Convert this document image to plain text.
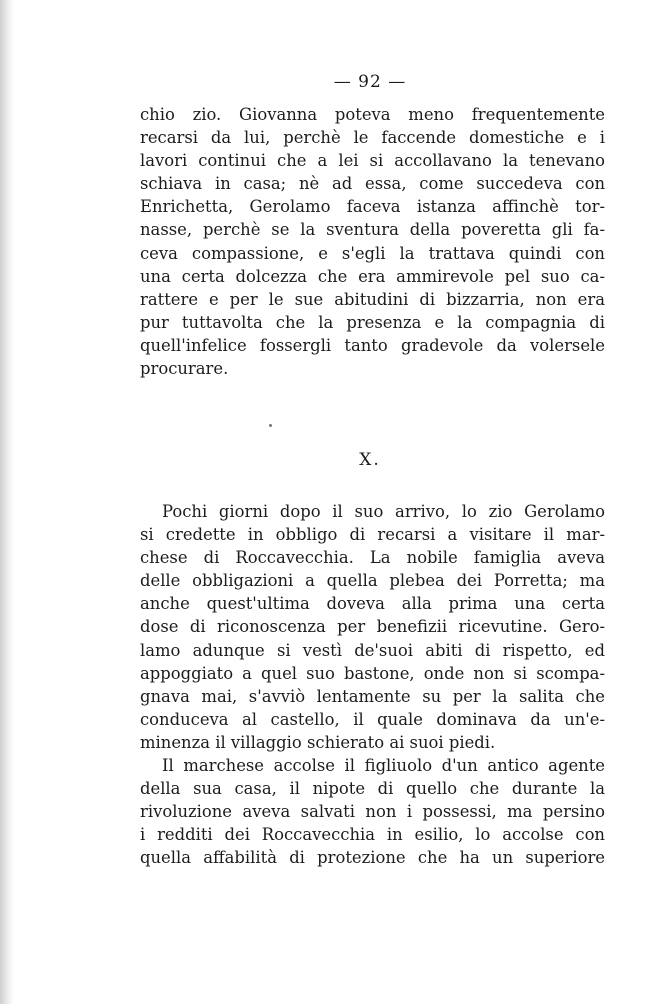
— 92 —
chio zio. Giovanna poteva meno frequentemente
recarsi da lui, perchè le faccende domestiche e i
lavori continui che a lei si accollavano la tenevano
schiava in casa; nè ad essa, come succedeva con
Enrichetta, Gerolamo faceva istanza affinchè tor-
nasse, perchè se la sventura della poveretta gli fa-
ceva compassione, e s'egli la trattava quindi con
una certa dolcezza che era ammirevole pel suo ca-
rattere e per le sue abitudini di bizzarria, non era
pur tuttavolta che la presenza e la compagnia di
quell'infelice fossergli tanto gradevole da volersele
procurare.
X.
Pochi giorni dopo il suo arrivo, lo zio Gerolamo
si credette in obbligo di recarsi a visitare il mar-
chese di Roccavecchia. La nobile famiglia aveva
delle obbligazioni a quella plebea dei Porretta; ma
anche quest'ultima doveva alla prima una certa
dose di riconoscenza per benefizii ricevutine. Gero-
lamo adunque si vestì de'suoi abiti di rispetto, ed
appoggiato a quel suo bastone, onde non si scompa-
gnava mai, s'avviò lentamente su per la salita che
conduceva al castello, il quale dominava da un'e-
minenza il villaggio schierato ai suoi piedi.
Il marchese accolse il figliuolo d'un antico agente
della sua casa, il nipote di quello che durante la
rivoluzione aveva salvati non i possessi, ma persino
i redditi dei Roccavecchia in esilio, lo accolse con
quella affabilità di protezione che ha un superiore
